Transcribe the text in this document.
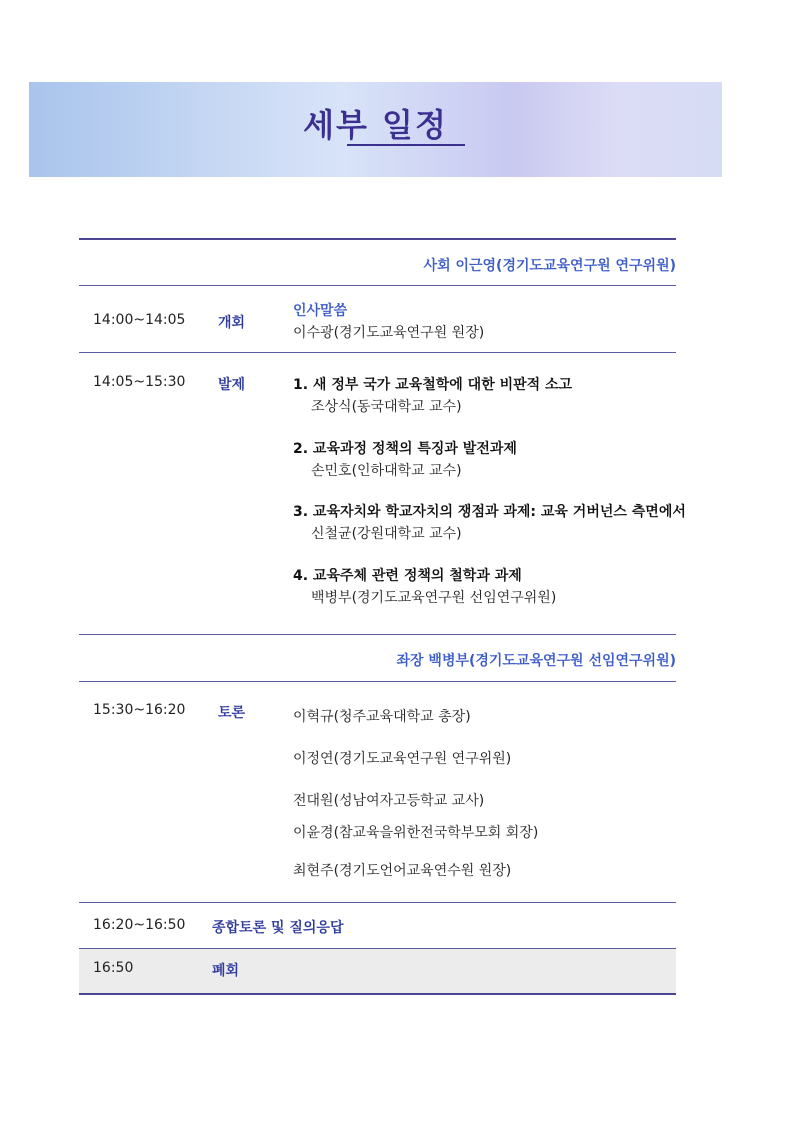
세부 일정
사회 이근영(경기도교육연구원 연구위원)
14:00~14:05 개회
인사말씀
이수광(경기도교육연구원 원장)
14:05~15:30 발제	1. 새 정부 국가 교육철학에 대한 비판적 소고
조상식(동국대학교 교수)
2. 교육과정 정책의 특징과 발전과제
손민호(인하대학교 교수)
3. 교육자치와 학교자치의 쟁점과 과제: 교육 거버넌스 측면에서
신철균(강원대학교 교수)
4. 교육주체 관련 정책의 철학과 과제
백병부(경기도교육연구원 선임연구위원)
좌장 백병부(경기도교육연구원 선임연구위원)
15:30~16:20 토론	이혁규(청주교육대학교 총장)
이정연(경기도교육연구원 연구위원)
전대원(성남여자고등학교 교사)
이윤경(참교육을위한전국학부모회 회장)
최현주(경기도언어교육연수원 원장)
16:20~16:50 종합토론 및 질의응답
16:50	폐회
